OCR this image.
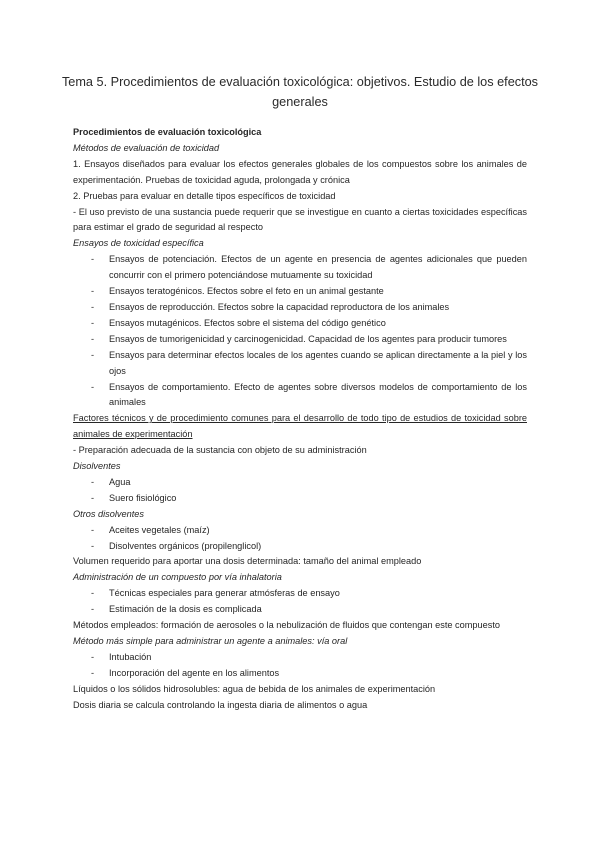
Tema 5. Procedimientos de evaluación toxicológica: objetivos. Estudio de los efectos generales

Procedimientos de evaluación toxicológica

Métodos de evaluación de toxicidad

1. Ensayos diseñados para evaluar los efectos generales globales de los compuestos sobre los animales de experimentación. Pruebas de toxicidad aguda, prolongada y crónica

2. Pruebas para evaluar en detalle tipos específicos de toxicidad

- El uso previsto de una sustancia puede requerir que se investigue en cuanto a ciertas toxicidades específicas para estimar el grado de seguridad al respecto

Ensayos de toxicidad específica

- Ensayos de potenciación. Efectos de un agente en presencia de agentes adicionales que pueden concurrir con el primero potenciándose mutuamente su toxicidad
- Ensayos teratogénicos. Efectos sobre el feto en un animal gestante
- Ensayos de reproducción. Efectos sobre la capacidad reproductora de los animales
- Ensayos mutagénicos. Efectos sobre el sistema del código genético
- Ensayos de tumorigenicidad y carcinogenicidad. Capacidad de los agentes para producir tumores
- Ensayos para determinar efectos locales de los agentes cuando se aplican directamente a la piel y los ojos
- Ensayos de comportamiento. Efecto de agentes sobre diversos modelos de comportamiento de los animales

Factores técnicos y de procedimiento comunes para el desarrollo de todo tipo de estudios de toxicidad sobre animales de experimentación

- Preparación adecuada de la sustancia con objeto de su administración

Disolventes

- Agua
- Suero fisiológico

Otros disolventes

- Aceites vegetales (maíz)
- Disolventes orgánicos (propilenglicol)

Volumen requerido para aportar una dosis determinada: tamaño del animal empleado

Administración de un compuesto por vía inhalatoria

- Técnicas especiales para generar atmósferas de ensayo
- Estimación de la dosis es complicada

Métodos empleados: formación de aerosoles o la nebulización de fluidos que contengan este compuesto

Método más simple para administrar un agente a animales: vía oral

- Intubación
- Incorporación del agente en los alimentos

Líquidos o los sólidos hidrosolubles: agua de bebida de los animales de experimentación

Dosis diaria se calcula controlando la ingesta diaria de alimentos o agua
